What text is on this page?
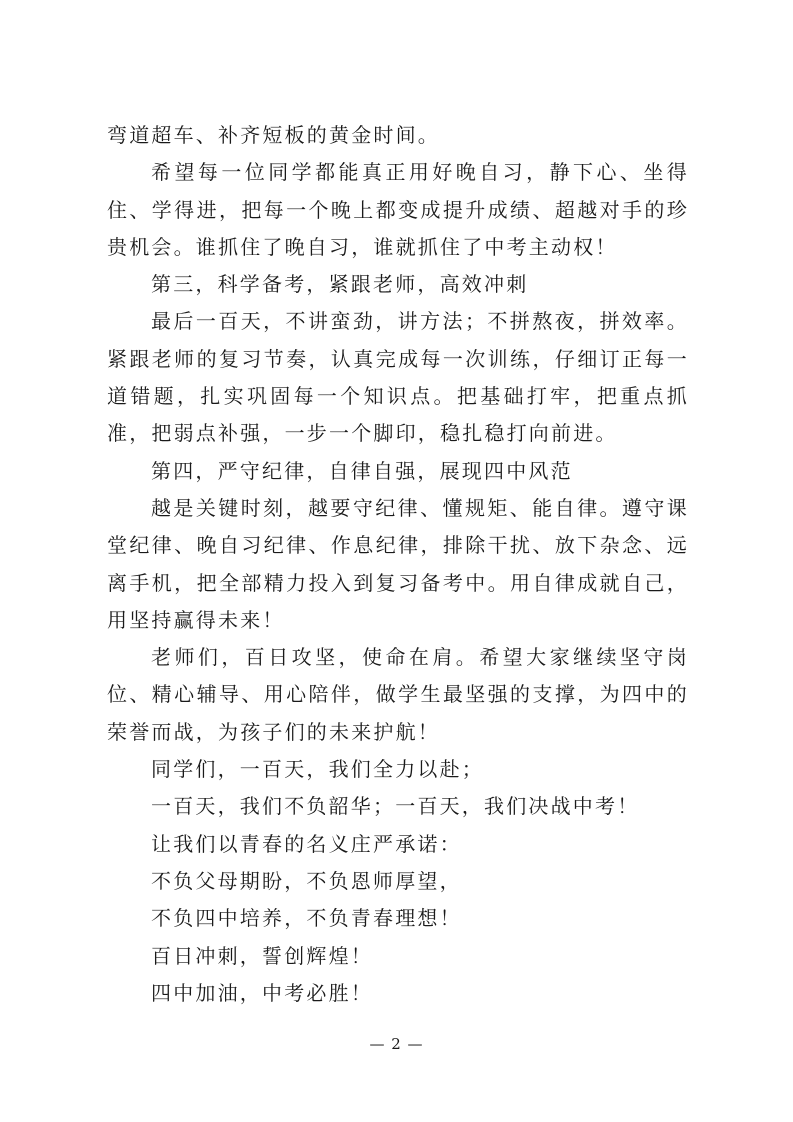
弯道超车、补齐短板的黄金时间。

希望每一位同学都能真正用好晚自习，静下心、坐得住、学得进，把每一个晚上都变成提升成绩、超越对手的珍贵机会。谁抓住了晚自习，谁就抓住了中考主动权！

第三，科学备考，紧跟老师，高效冲刺

最后一百天，不讲蛮劲，讲方法；不拼熬夜，拼效率。紧跟老师的复习节奏，认真完成每一次训练，仔细订正每一道错题，扎实巩固每一个知识点。把基础打牢，把重点抓准，把弱点补强，一步一个脚印，稳扎稳打向前进。

第四，严守纪律，自律自强，展现四中风范

越是关键时刻，越要守纪律、懂规矩、能自律。遵守课堂纪律、晚自习纪律、作息纪律，排除干扰、放下杂念、远离手机，把全部精力投入到复习备考中。用自律成就自己，用坚持赢得未来！

老师们，百日攻坚，使命在肩。希望大家继续坚守岗位、精心辅导、用心陪伴，做学生最坚强的支撑，为四中的荣誉而战，为孩子们的未来护航！

同学们，一百天，我们全力以赴；

一百天，我们不负韶华；一百天，我们决战中考！

让我们以青春的名义庄严承诺：

不负父母期盼，不负恩师厚望，

不负四中培养，不负青春理想！

百日冲刺，誓创辉煌！

四中加油，中考必胜！

— 2 —
